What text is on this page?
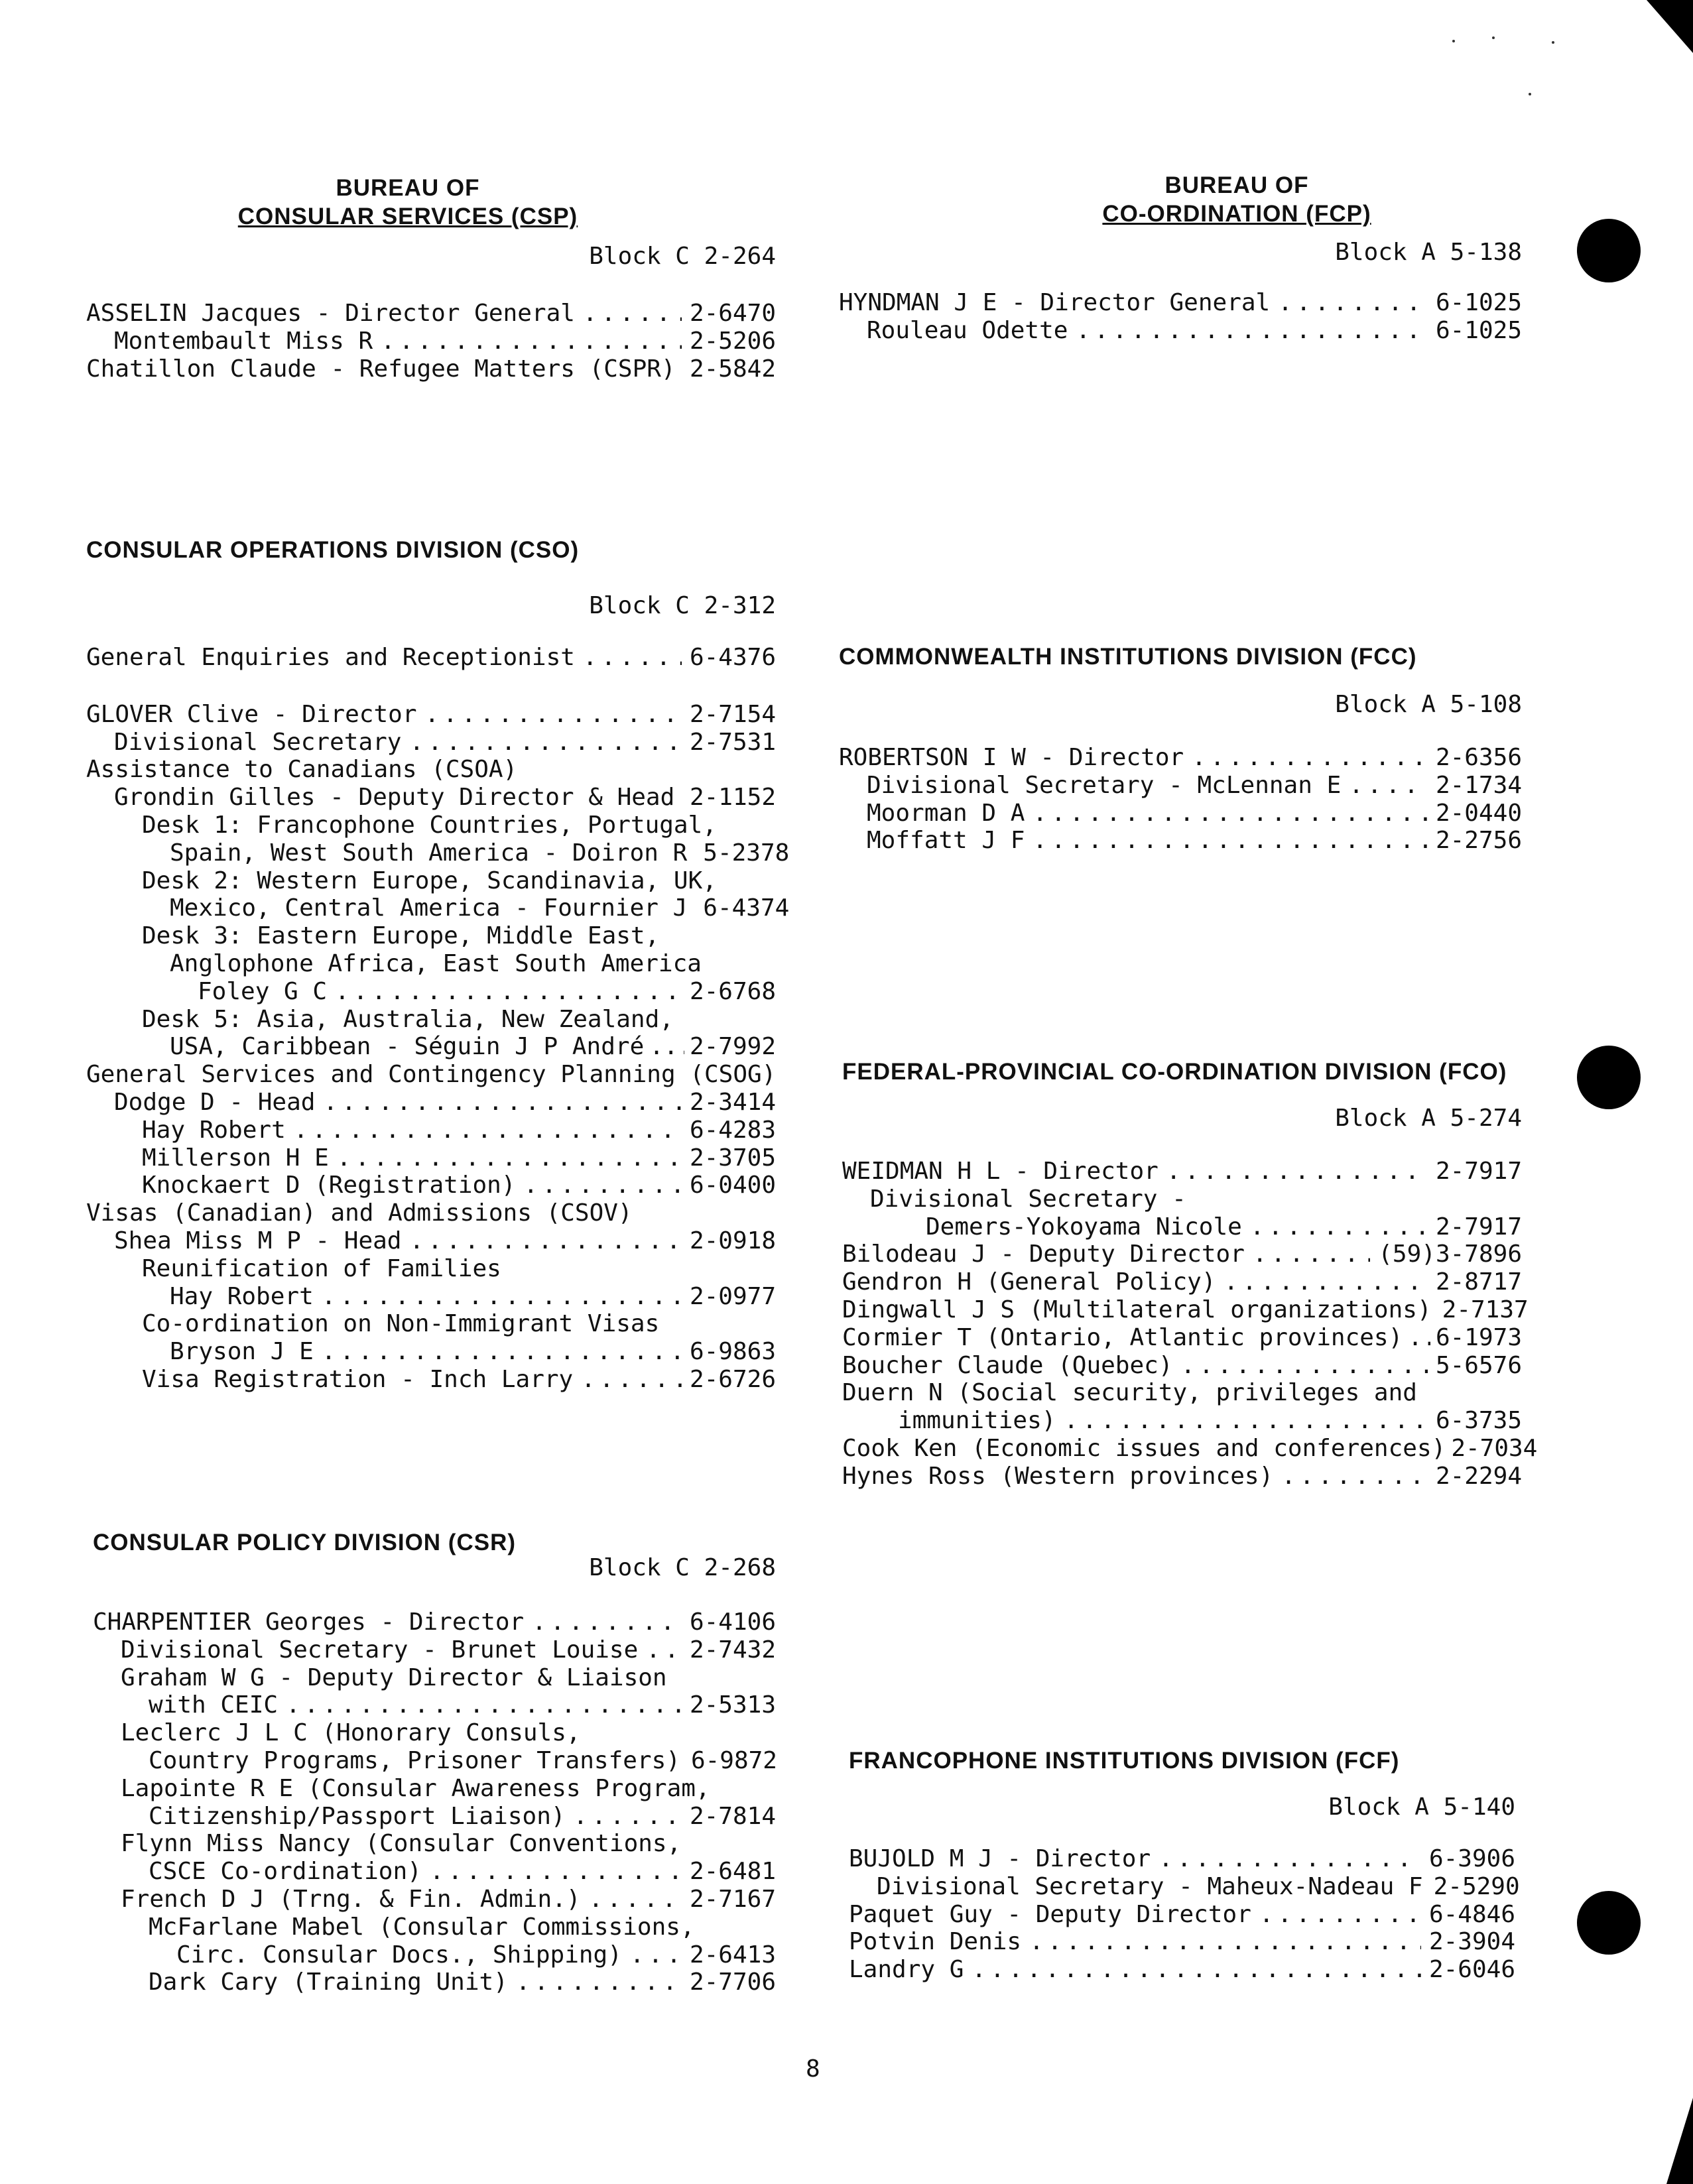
BUREAU OF
CONSULAR SERVICES (CSP)
Block C 2-264
ASSELIN Jacques - Director General .....	2-6470
Montembault Miss R .....	2-5206
Chatillon Claude - Refugee Matters (CSPR) ..... 2-5842
CONSULAR OPERATIONS DIVISION (CSO)
Block C 2-312
General Enquiries and Receptionist .....	6-4376
GLOVER Clive - Director .....	2-7154
Divisional Secretary .....	2-7531
Assistance to Canadians (CSOA)
Grondin Gilles - Deputy Director & Head ..... 2-1152
Desk 1: Francophone Countries, Portugal,
Spain, West South America - Doiron R 5-2378
Desk 2: Western Europe, Scandinavia, UK,
Mexico, Central America - Fournier J 6-4374
Desk 3: Eastern Europe, Middle East,
Anglophone Africa, East South America
Foley G C .....	2-6768
Desk 5: Asia, Australia, New Zealand,
USA, Caribbean - Séguin J P André ..... 2-7992
General Services and Contingency Planning (CSOG)
Dodge D - Head .....	2-3414
Hay Robert .....	6-4283
Millerson H E .....	2-3705
Knockaert D (Registration) .....	6-0400
Visas (Canadian) and Admissions (CSOV)
Shea Miss M P - Head .....	2-0918
Reunification of Families
Hay Robert .....	2-0977
Co-ordination on Non-Immigrant Visas
Bryson J E .....	6-9863
Visa Registration - Inch Larry .....	2-6726
CONSULAR POLICY DIVISION (CSR)
Block C 2-268
CHARPENTIER Georges - Director .....	6-4106
Divisional Secretary - Brunet Louise ..... 2-7432
Graham W G - Deputy Director & Liaison
with CEIC .....	2-5313
Leclerc J L C (Honorary Consuls,
Country Programs, Prisoner Transfers) 6-9872
Lapointe R E (Consular Awareness Program,
Citizenship/Passport Liaison) .....	2-7814
Flynn Miss Nancy (Consular Conventions,
CSCE Co-ordination) .....	2-6481
French D J (Trng. & Fin. Admin.) .....	2-7167
McFarlane Mabel (Consular Commissions,
Circ. Consular Docs., Shipping) .....	2-6413
Dark Cary (Training Unit) .....	2-7706
BUREAU OF
CO-ORDINATION (FCP)
Block A 5-138
HYNDMAN J E - Director General .....	6-1025
Rouleau Odette .....	6-1025
COMMONWEALTH INSTITUTIONS DIVISION (FCC)
Block A 5-108
ROBERTSON I W - Director .....	2-6356
Divisional Secretary - McLennan E .....	2-1734
Moorman D A .....	2-0440
Moffatt J F .....	2-2756
FEDERAL-PROVINCIAL CO-ORDINATION DIVISION (FCO)
Block A 5-274
WEIDMAN H L - Director .....	2-7917
Divisional Secretary -
Demers-Yokoyama Nicole .....	2-7917
Bilodeau J - Deputy Director .....	(59)3-7896
Gendron H (General Policy) .....	2-8717
Dingwall J S (Multilateral organizations) 2-7137
Cormier T (Ontario, Atlantic provinces) ..... 6-1973
Boucher Claude (Quebec) .....	5-6576
Duern N (Social security, privileges and
immunities) .....	6-3735
Cook Ken (Economic issues and conferences) 2-7034
Hynes Ross (Western provinces) .....	2-2294
FRANCOPHONE INSTITUTIONS DIVISION (FCF)
Block A 5-140
BUJOLD M J - Director .....	6-3906
Divisional Secretary - Maheux-Nadeau F 2-5290
Paquet Guy - Deputy Director .....	6-4846
Potvin Denis .....	2-3904
Landry G .....	2-6046
8
